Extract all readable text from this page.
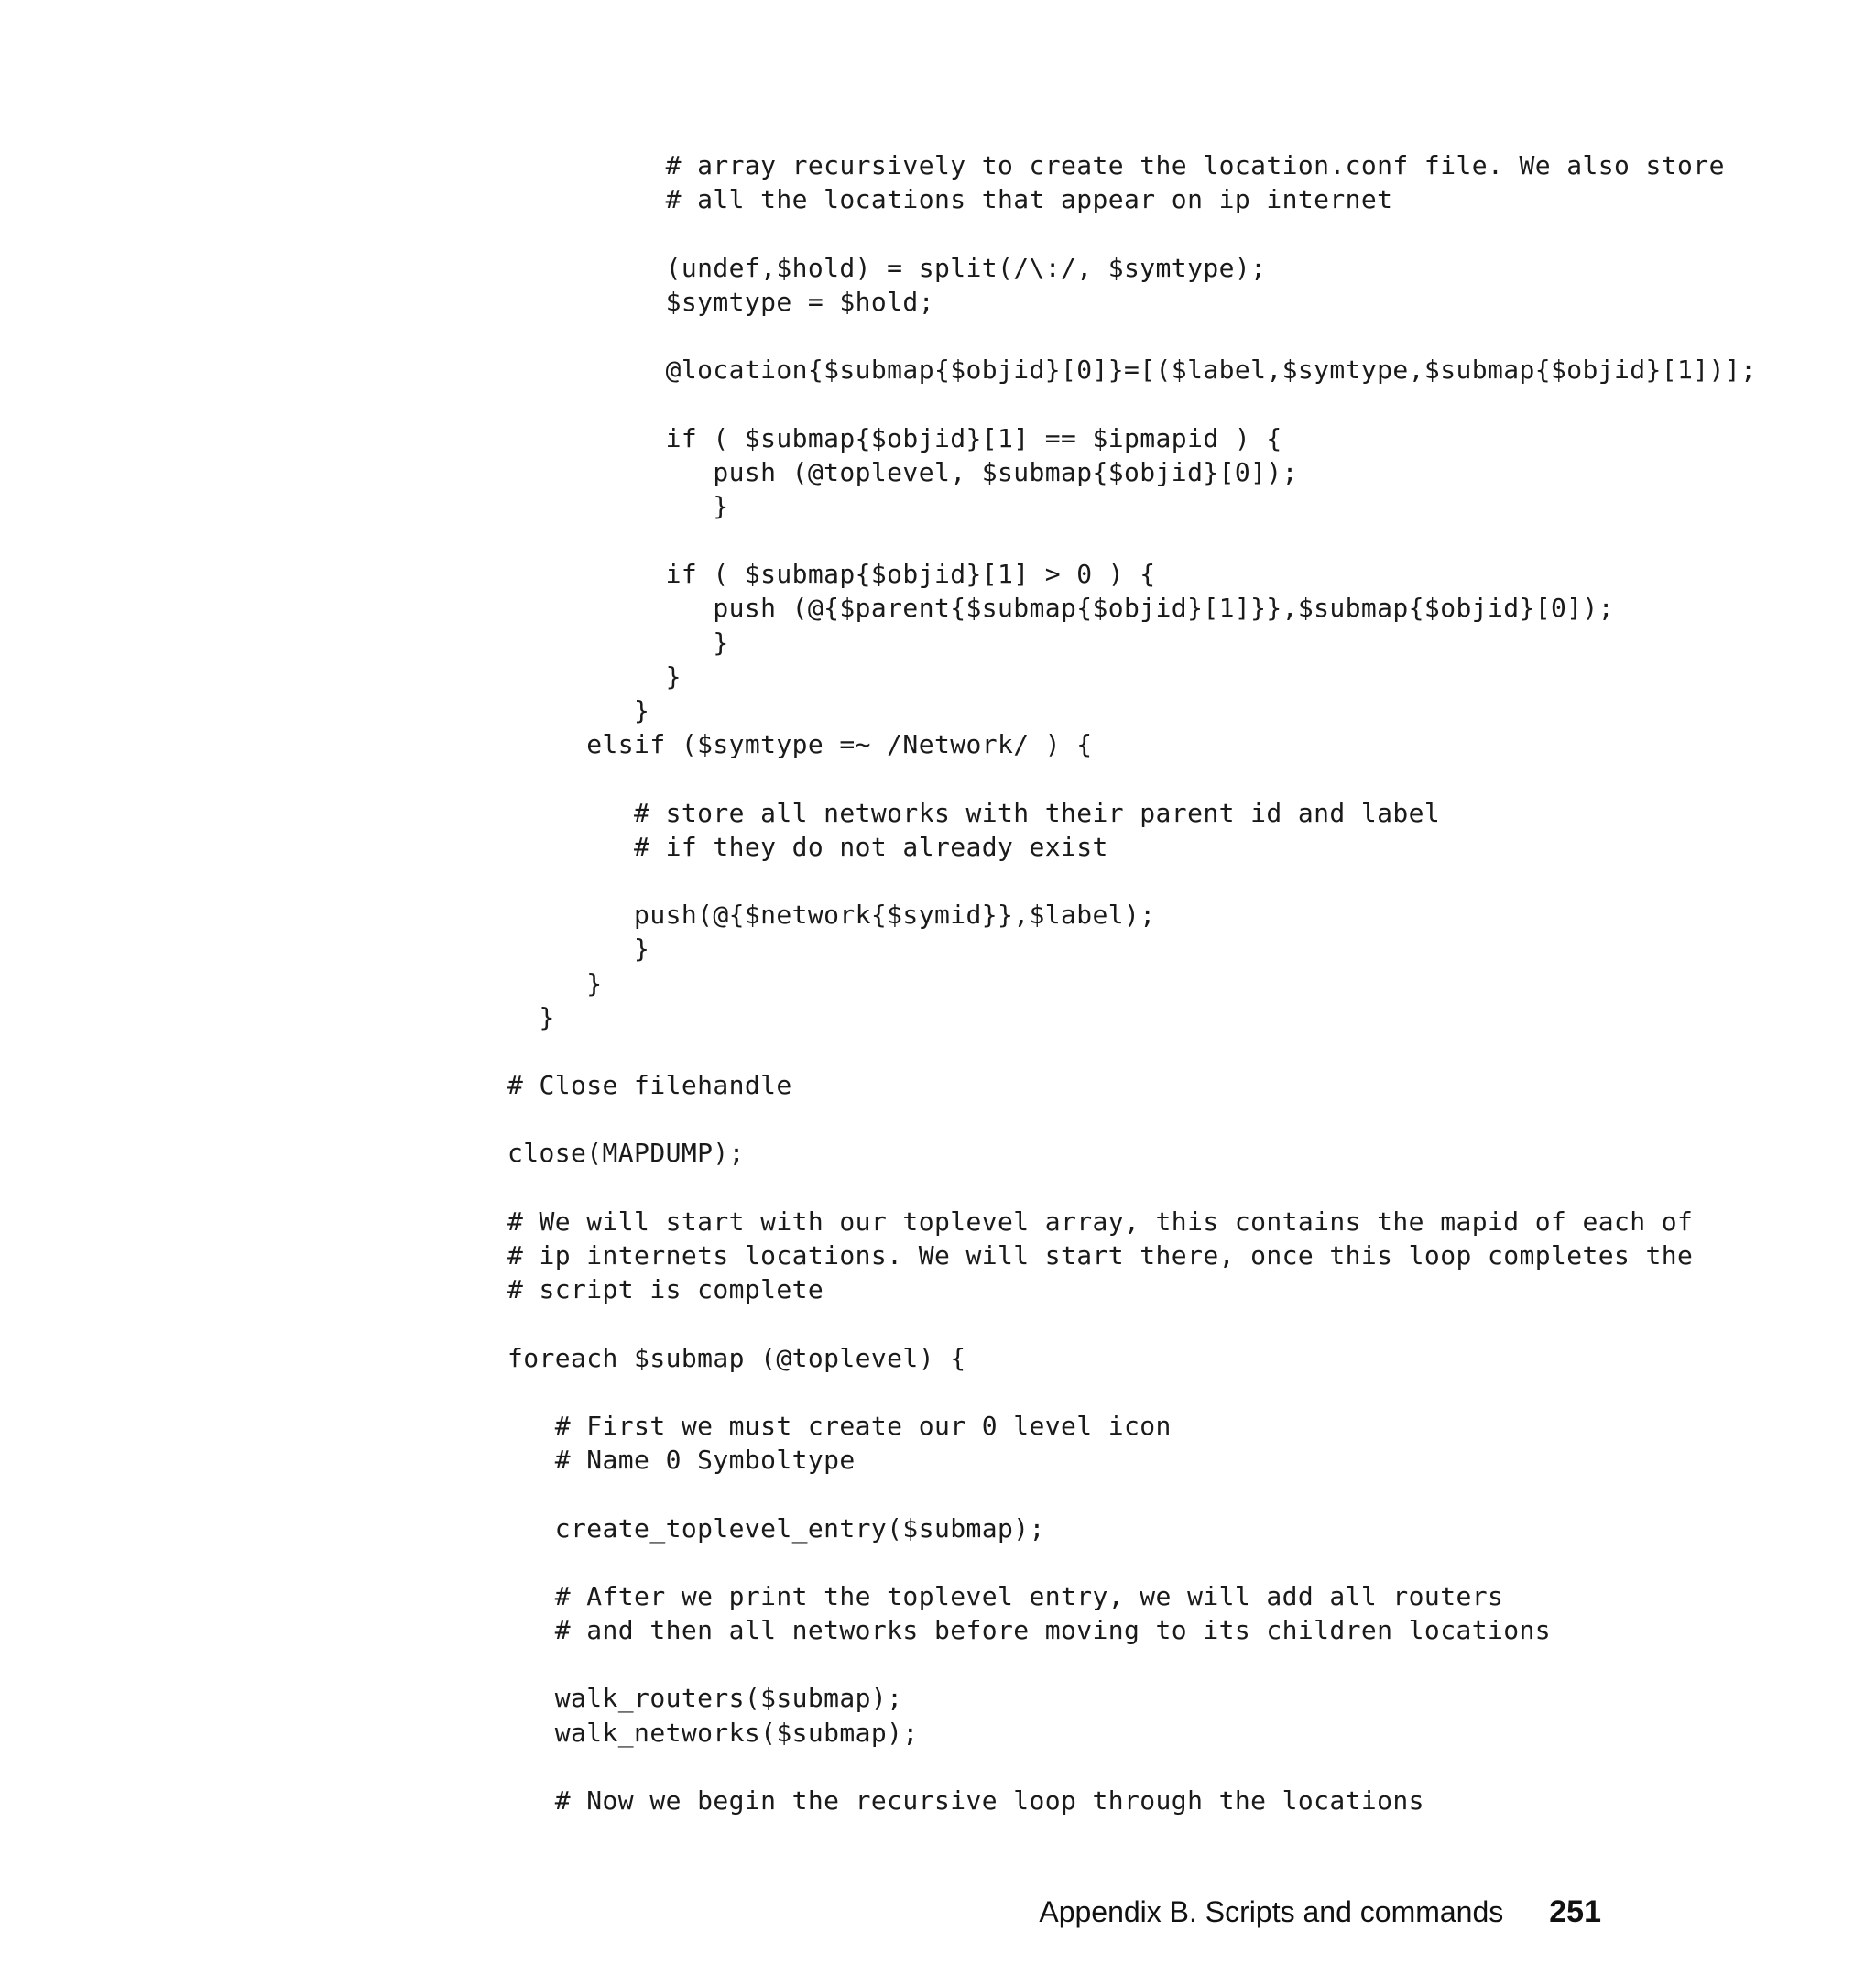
# array recursively to create the location.conf file. We also store
# all the locations that appear on ip internet
(undef,$hold) = split(/\:/, $symtype);
$symtype = $hold;
@location{$submap{$objid}[0]}=[($label,$symtype,$submap{$objid}[1])];
if ( $submap{$objid}[1] == $ipmapid ) {
push (@toplevel, $submap{$objid}[0]);
}
if ( $submap{$objid}[1] > 0 ) {
push (@{$parent{$submap{$objid}[1]}},$submap{$objid}[0]);
}
}
}
elsif ($symtype =~ /Network/ ) {
# store all networks with their parent id and label
# if they do not already exist
push(@{$network{$symid}},$label);
}
}
}
# Close filehandle
close(MAPDUMP);
# We will start with our toplevel array, this contains the mapid of each of
# ip internets locations. We will start there, once this loop completes the
# script is complete
foreach $submap (@toplevel) {
# First we must create our 0 level icon
# Name 0 Symboltype
create_toplevel_entry($submap);
# After we print the toplevel entry, we will add all routers
# and then all networks before moving to its children locations
walk_routers($submap);
walk_networks($submap);
# Now we begin the recursive loop through the locations
Appendix B. Scripts and commands 251
